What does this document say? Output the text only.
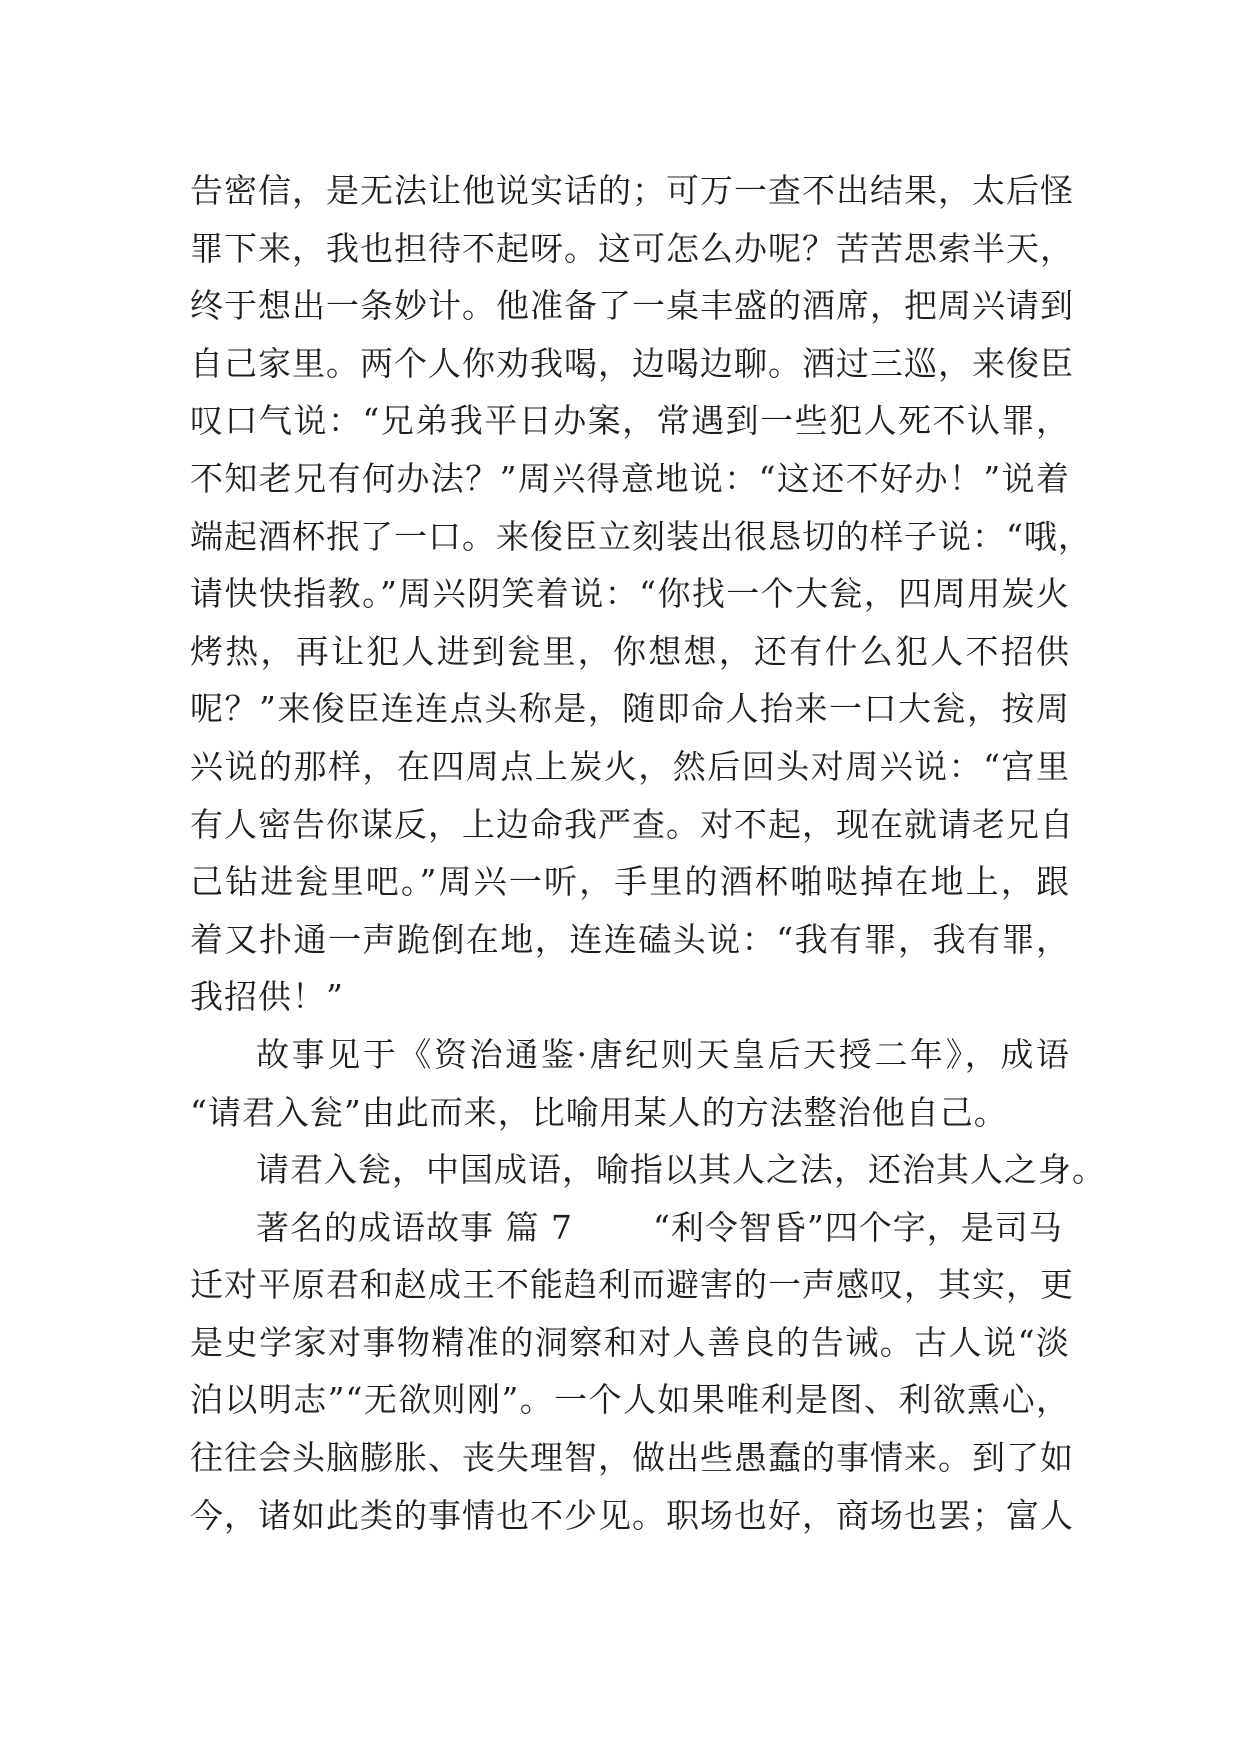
告密信，是无法让他说实话的；可万一查不出结果，太后怪
罪下来，我也担待不起呀。这可怎么办呢？苦苦思索半天，
终于想出一条妙计。他准备了一桌丰盛的酒席，把周兴请到
自己家里。两个人你劝我喝，边喝边聊。酒过三巡，来俊臣
叹口气说：“兄弟我平日办案，常遇到一些犯人死不认罪，
不知老兄有何办法？”周兴得意地说：“这还不好办！”说着
端起酒杯抿了一口。来俊臣立刻装出很恳切的样子说：“哦，
请快快指教。”周兴阴笑着说：“你找一个大瓮，四周用炭火
烤热，再让犯人进到瓮里，你想想，还有什么犯人不招供
呢？”来俊臣连连点头称是，随即命人抬来一口大瓮，按周
兴说的那样，在四周点上炭火，然后回头对周兴说：“宫里
有人密告你谋反，上边命我严查。对不起，现在就请老兄自
己钻进瓮里吧。”周兴一听，手里的酒杯啪哒掉在地上，跟
着又扑通一声跪倒在地，连连磕头说：“我有罪，我有罪，
我招供！”
故事见于《资治通鉴·唐纪则天皇后天授二年》，成语
“请君入瓮”由此而来，比喻用某人的方法整治他自己。
请君入瓮，中国成语，喻指以其人之法，还治其人之身。
著名的成语故事 篇 7 “利令智昏”四个字，是司马
迁对平原君和赵成王不能趋利而避害的一声感叹，其实，更
是史学家对事物精准的洞察和对人善良的告诫。古人说“淡
泊以明志”“无欲则刚”。一个人如果唯利是图、利欲熏心，
往往会头脑膨胀、丧失理智，做出些愚蠢的事情来。到了如
今，诸如此类的事情也不少见。职场也好，商场也罢；富人
